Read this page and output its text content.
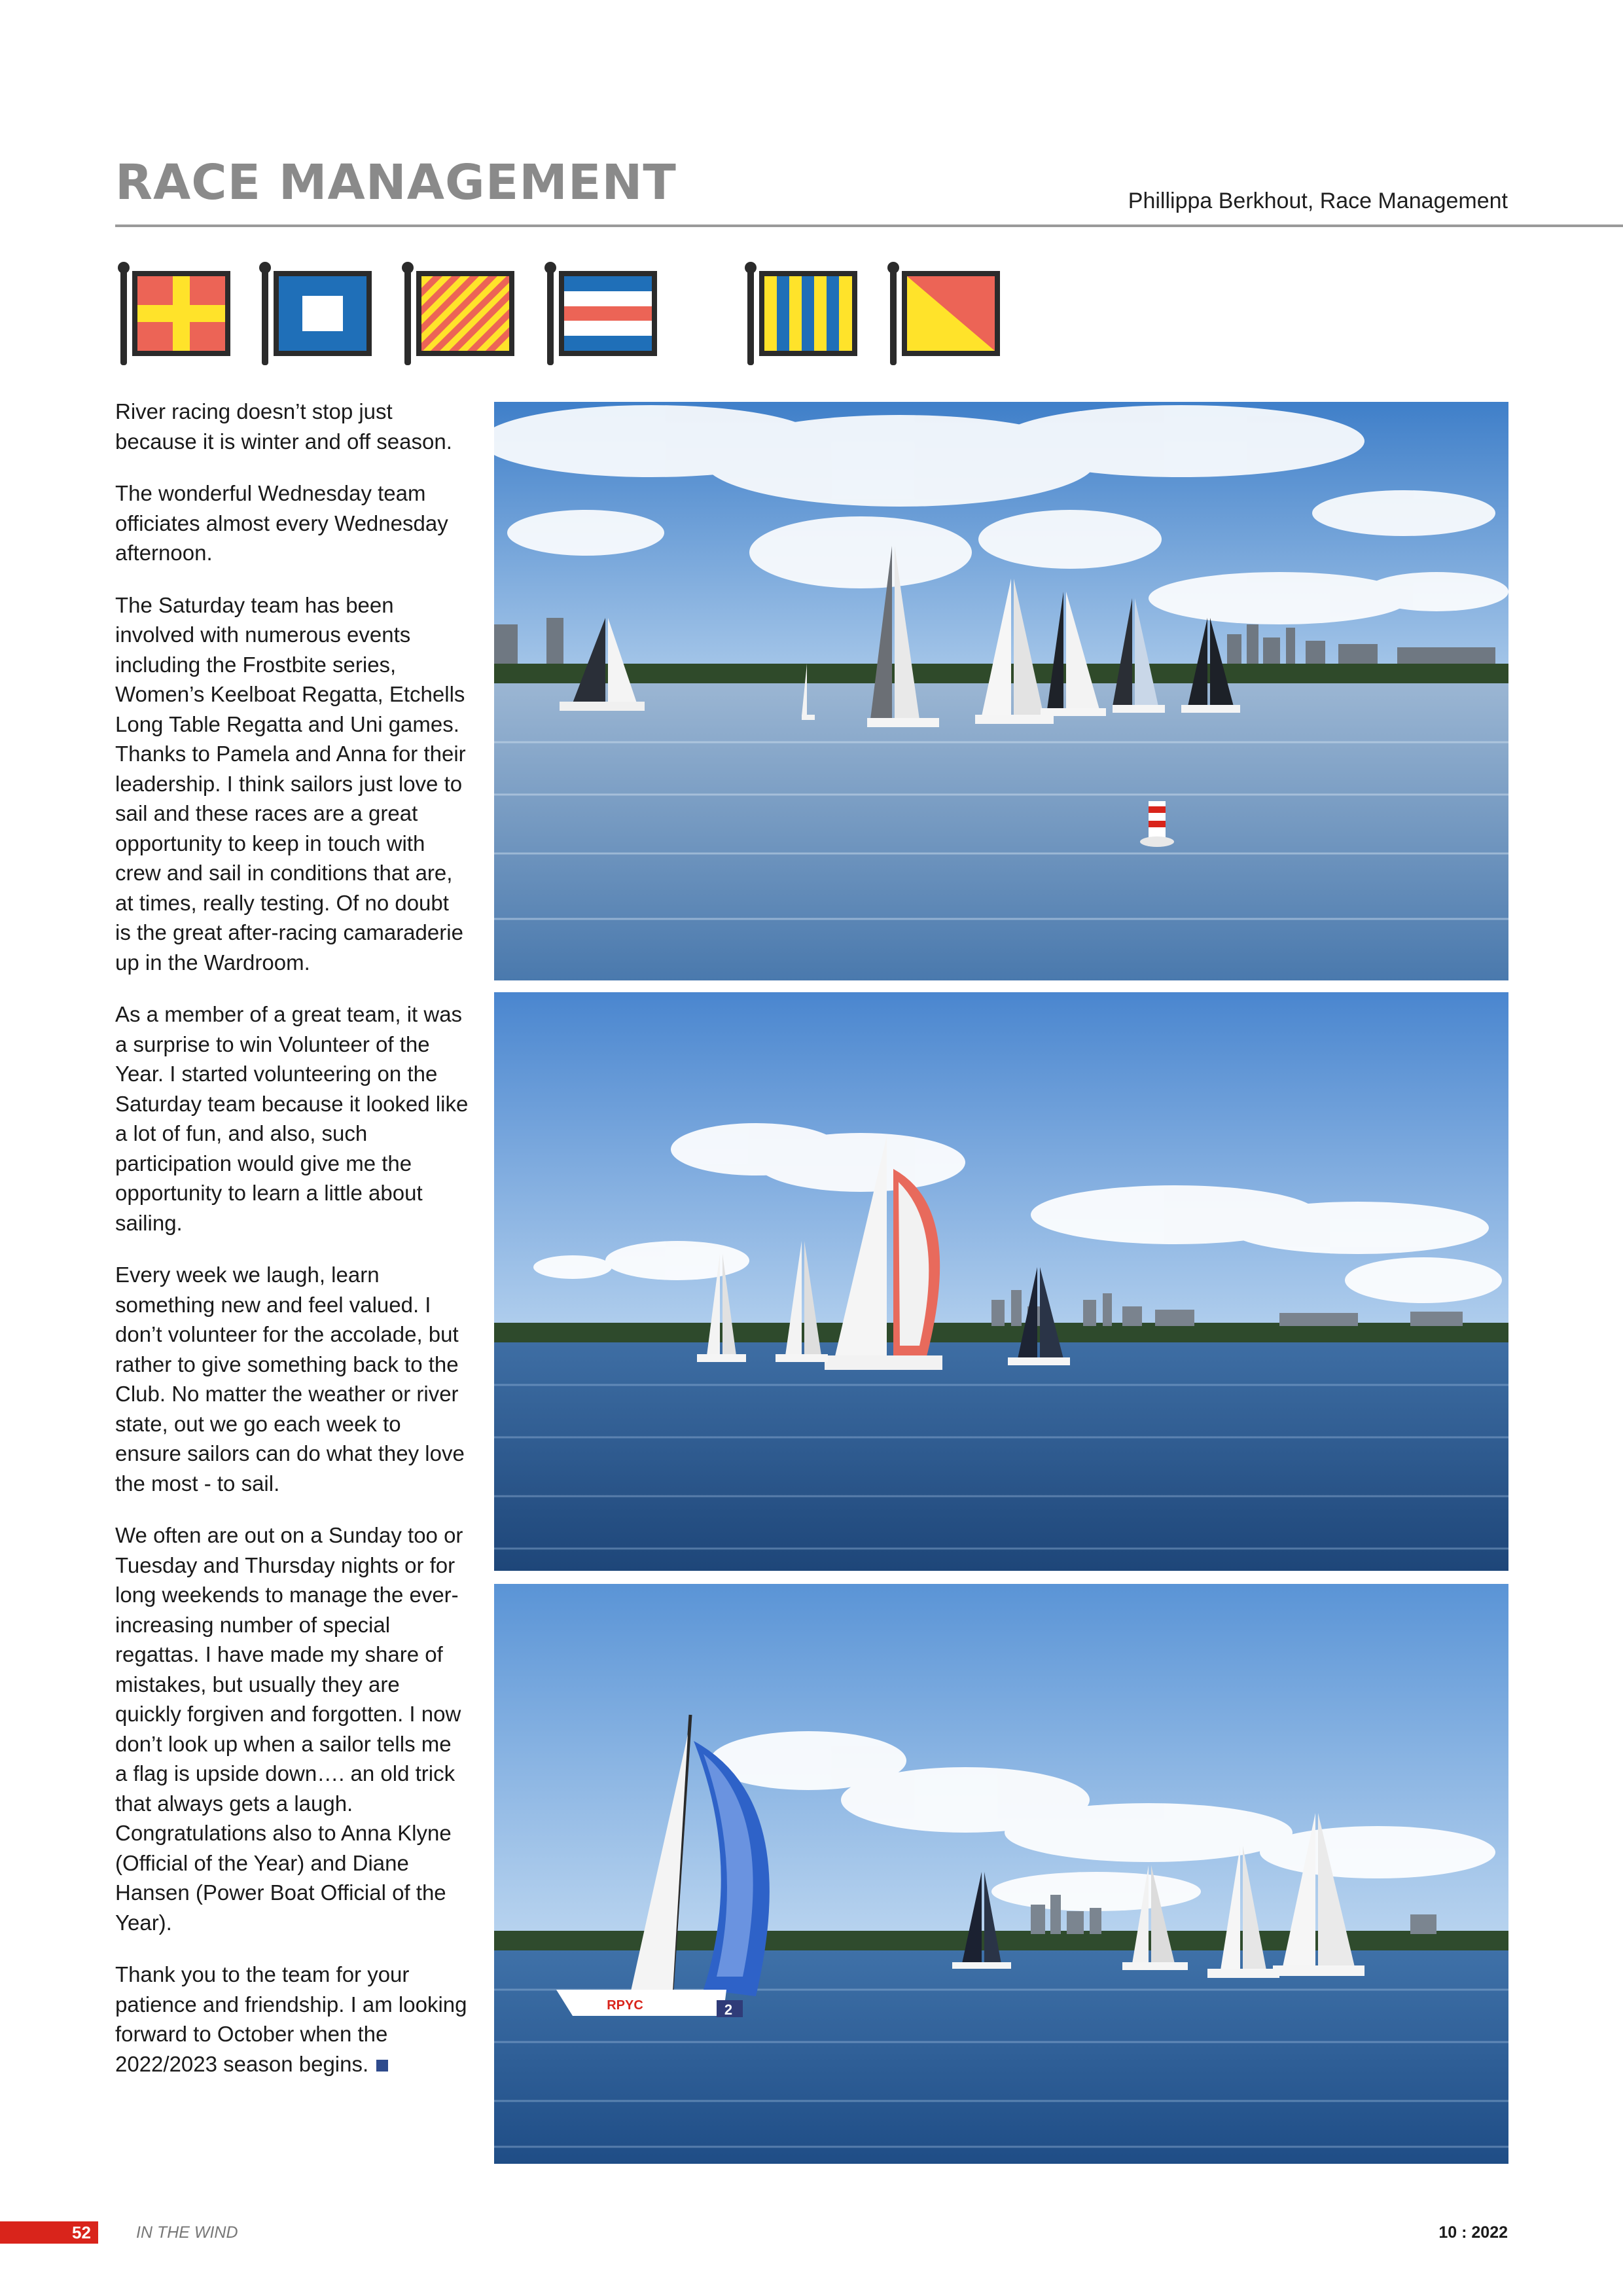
RACE MANAGEMENT	Phillippa Berkhout, Race Management

River racing doesn’t stop just because it is winter and off season.

The wonderful Wednesday team officiates almost every Wednesday afternoon.

The Saturday team has been involved with numerous events including the Frostbite series, Women’s Keelboat Regatta, Etchells Long Table Regatta and Uni games. Thanks to Pamela and Anna for their leadership. I think sailors just love to sail and these races are a great opportunity to keep in touch with crew and sail in conditions that are, at times, really testing. Of no doubt is the great after-racing camaraderie up in the Wardroom.

As a member of a great team, it was a surprise to win Volunteer of the Year. I started volunteering on the Saturday team because it looked like a lot of fun, and also, such participation would give me the opportunity to learn a little about sailing.

Every week we laugh, learn something new and feel valued. I don’t volunteer for the accolade, but rather to give something back to the Club. No matter the weather or river state, out we go each week to ensure sailors can do what they love the most - to sail.

We often are out on a Sunday too or Tuesday and Thursday nights or for long weekends to manage the ever-increasing number of special regattas. I have made my share of mistakes, but usually they are quickly forgiven and forgotten. I now don’t look up when a sailor tells me a flag is upside down…. an old trick that always gets a laugh. Congratulations also to Anna Klyne (Official of the Year) and Diane Hansen (Power Boat Official of the Year).

Thank you to the team for your patience and friendship. I am looking forward to October when the 2022/2023 season begins.

2
RPYC
52	IN THE WIND	10 : 2022
